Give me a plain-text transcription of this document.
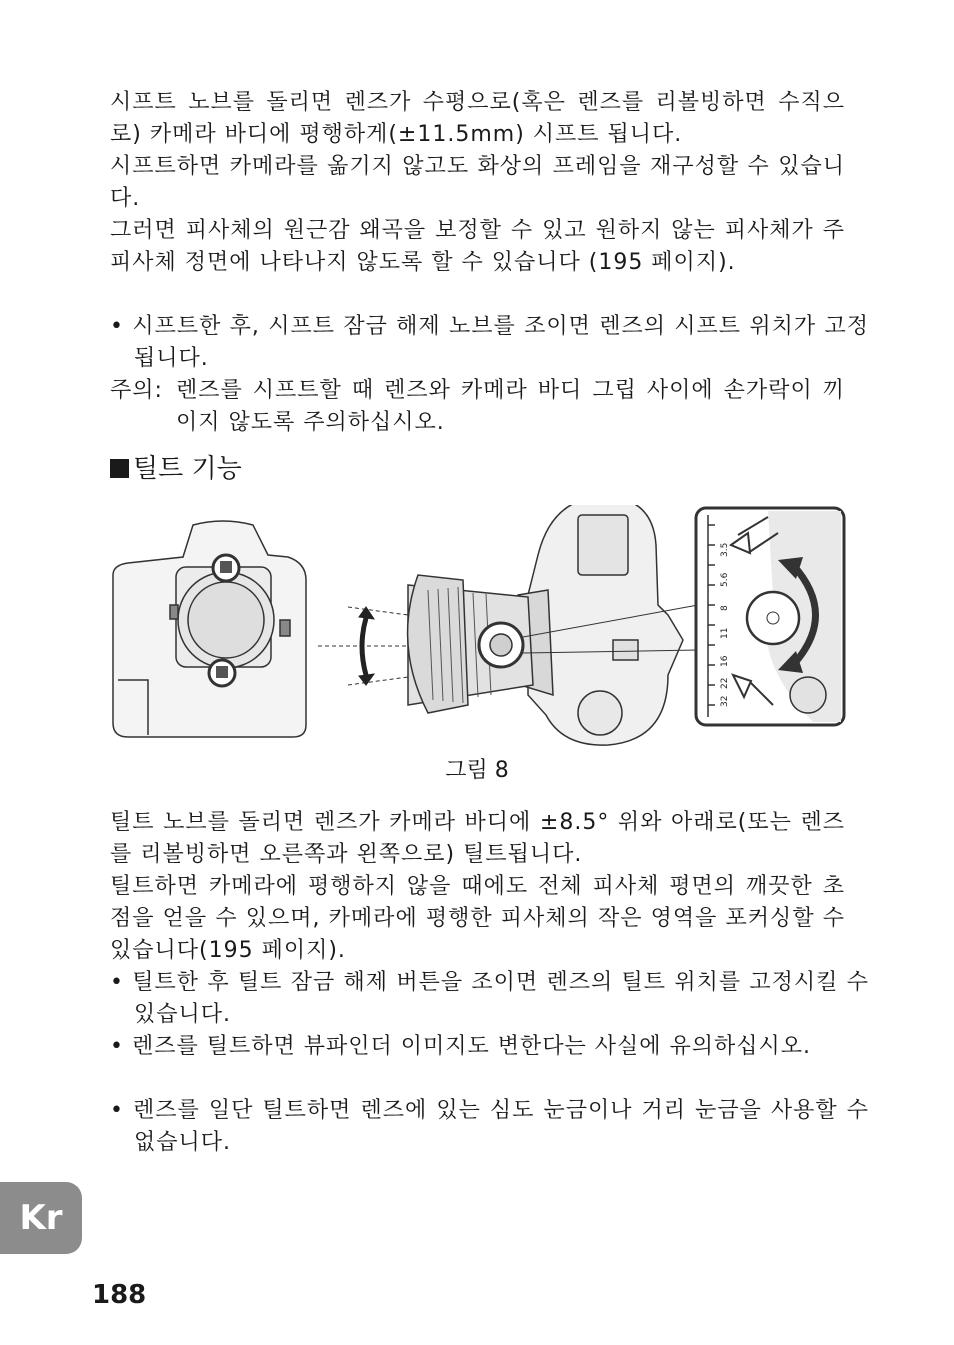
시프트 노브를 돌리면 렌즈가 수평으로(혹은 렌즈를 리볼빙하면 수직으로) 카메라 바디에 평행하게(±11.5mm) 시프트 됩니다.

시프트하면 카메라를 옮기지 않고도 화상의 프레임을 재구성할 수 있습니다.

그러면 피사체의 원근감 왜곡을 보정할 수 있고 원하지 않는 피사체가 주피사체 정면에 나타나지 않도록 할 수 있습니다 (195 페이지).

• 시프트한 후, 시프트 잠금 해제 노브를 조이면 렌즈의 시프트 위치가 고정됩니다.

주의: 렌즈를 시프트할 때 렌즈와 카메라 바디 그립 사이에 손가락이 끼이지 않도록 주의하십시오.
틸트 기능
32
22
16
11
8
5.6
3.5
그림 8

틸트 노브를 돌리면 렌즈가 카메라 바디에 ±8.5° 위와 아래로(또는 렌즈를 리볼빙하면 오른쪽과 왼쪽으로) 틸트됩니다.

틸트하면 카메라에 평행하지 않을 때에도 전체 피사체 평면의 깨끗한 초점을 얻을 수 있으며, 카메라에 평행한 피사체의 작은 영역을 포커싱할 수 있습니다(195 페이지).

• 틸트한 후 틸트 잠금 해제 버튼을 조이면 렌즈의 틸트 위치를 고정시킬 수 있습니다.

• 렌즈를 틸트하면 뷰파인더 이미지도 변한다는 사실에 유의하십시오.

• 렌즈를 일단 틸트하면 렌즈에 있는 심도 눈금이나 거리 눈금을 사용할 수 없습니다.

Kr
188
